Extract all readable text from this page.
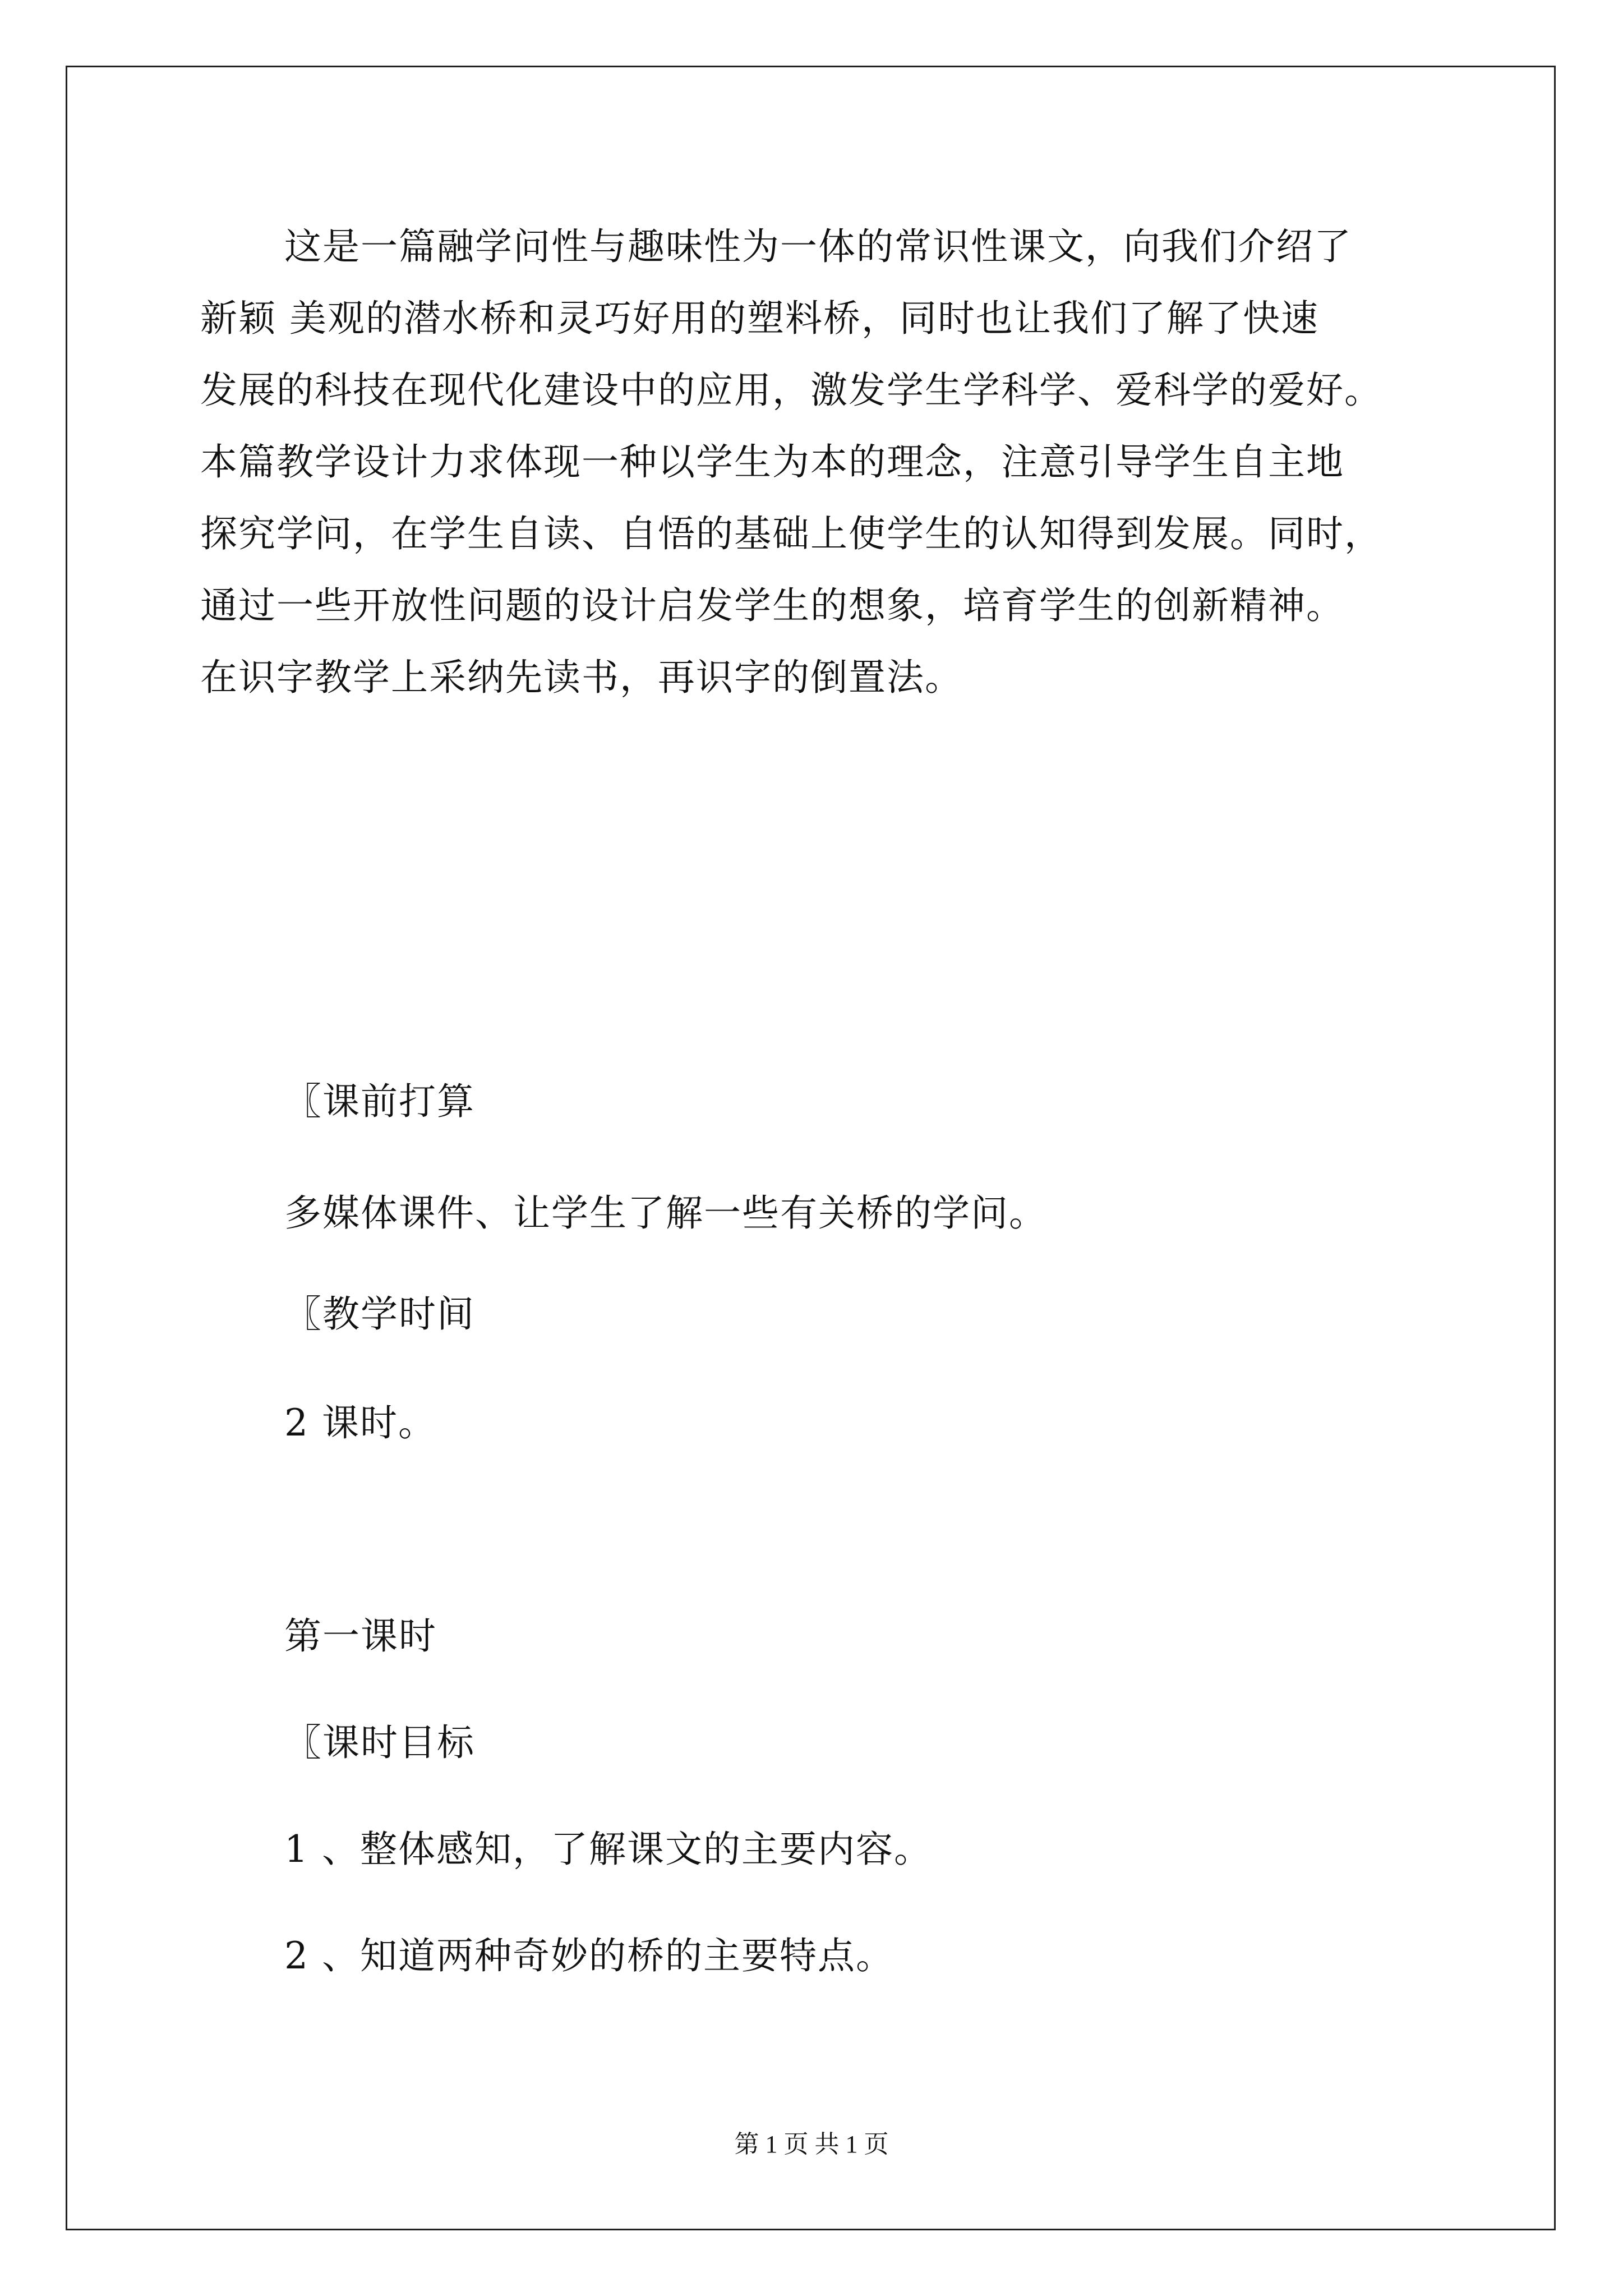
这是一篇融学问性与趣味性为一体的常识性课文，向我们介绍了
新颖 美观的潜水桥和灵巧好用的塑料桥，同时也让我们了解了快速
发展的科技在现代化建设中的应用，激发学生学科学、爱科学的爱好。
本篇教学设计力求体现一种以学生为本的理念，注意引导学生自主地
探究学问，在学生自读、自悟的基础上使学生的认知得到发展。同时，
通过一些开放性问题的设计启发学生的想象，培育学生的创新精神。
在识字教学上采纳先读书，再识字的倒置法。
〖课前打算
多媒体课件、让学生了解一些有关桥的学问。
〖教学时间
2 课时。
第一课时
〖课时目标
1 、整体感知，了解课文的主要内容。
2 、知道两种奇妙的桥的主要特点。
第 1 页 共 1 页
